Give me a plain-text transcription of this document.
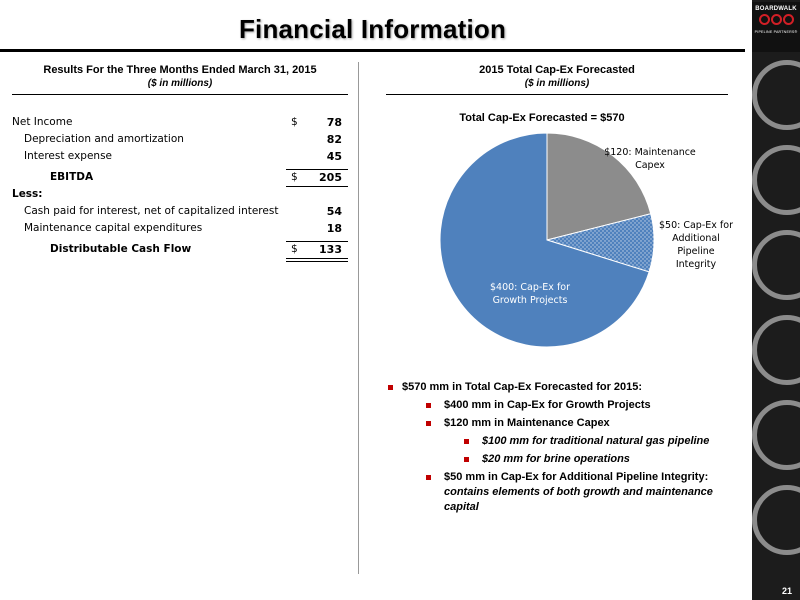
Financial Information
21
BOARDWALK
PIPELINE PARTNERS®
Results For the Three Months Ended March 31, 2015
($ in millions)
Net Income	$	78
Depreciation and amortization	82
Interest expense	45
EBITDA	$ 205
Less:
Cash paid for interest, net of capitalized interest	54
Maintenance capital expenditures	18
Distributable Cash Flow	$ 133
2015 Total Cap-Ex Forecasted
($ in millions)
Total Cap-Ex Forecasted = $570
$120: Maintenance Capex
$50: Cap-Ex for Additional Pipeline Integrity
$400: Cap-Ex for Growth Projects
$570 mm in Total Cap-Ex Forecasted for 2015:
$400 mm in Cap-Ex for Growth Projects
$120 mm in Maintenance Capex
$100 mm for traditional natural gas pipeline
$20 mm for brine operations
$50 mm in Cap-Ex for Additional Pipeline Integrity: contains elements of both growth and maintenance capital
